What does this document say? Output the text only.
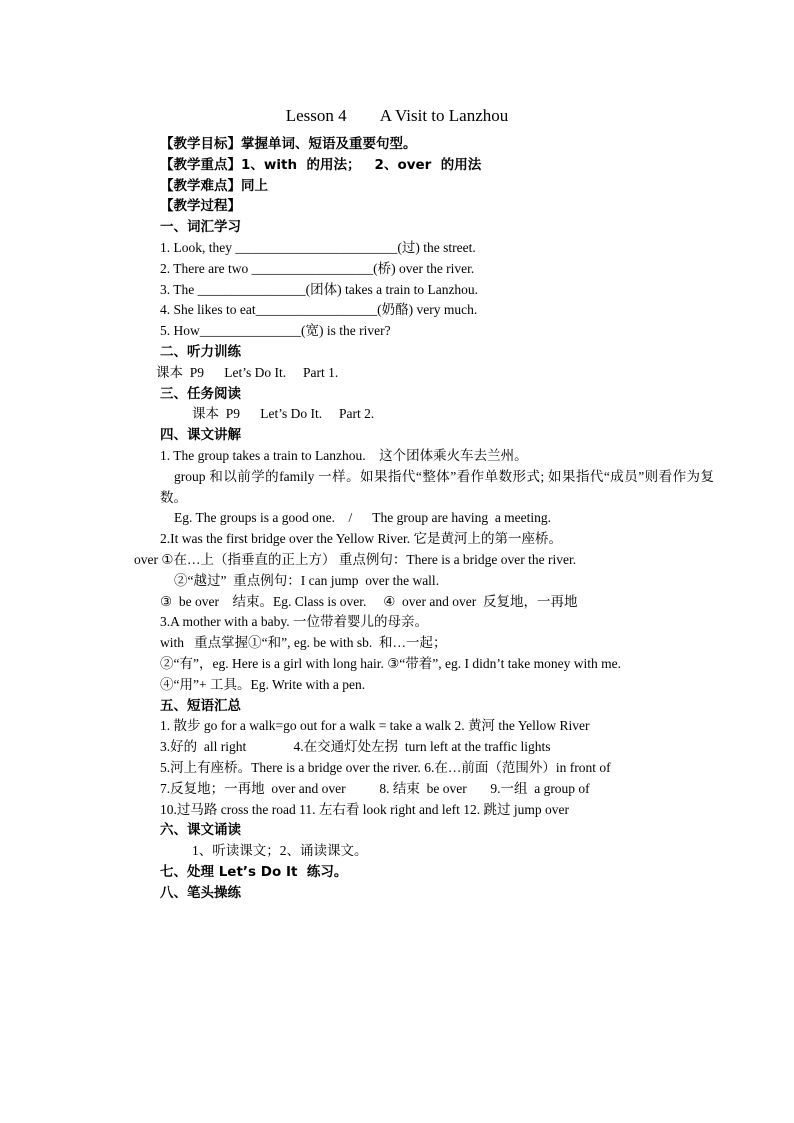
Lesson 4        A Visit to Lanzhou
【教学目标】掌握单词、短语及重要句型。
【教学重点】1、with  的用法；   2、over  的用法
【教学难点】同上
【教学过程】
一、词汇学习
1. Look, they ________________________(过) the street.
2. There are two __________________(桥) over the river.
3. The ________________(团体) takes a train to Lanzhou.
4. She likes to eat__________________(奶酪) very much.
5. How_______________(宽) is the river?
二、听力训练
课本  P9      Let’s Do It.     Part 1.
三、任务阅读
课本  P9      Let’s Do It.     Part 2.
四、课文讲解
1. The group takes a train to Lanzhou.    这个团体乘火车去兰州。
group 和以前学的family 一样。如果指代“整体”看作单数形式; 如果指代“成员”则看作为复数。
Eg. The groups is a good one.    /      The group are having  a meeting.
2.It was the first bridge over the Yellow River. 它是黄河上的第一座桥。
over ①在…上（指垂直的正上方） 重点例句：There is a bridge over the river.
②“越过”  重点例句：I can jump  over the wall.
③  be over    结束。Eg. Class is over.     ④  over and over  反复地，一再地
3.A mother with a baby. 一位带着婴儿的母亲。
with   重点掌握①“和”, eg. be with sb.  和…一起；
②“有”，eg. Here is a girl with long hair. ③“带着”, eg. I didn’t take money with me.
④“用”+ 工具。Eg. Write with a pen.
五、短语汇总
1. 散步 go for a walk=go out for a walk = take a walk 2. 黄河 the Yellow River
3.好的  all right              4.在交通灯处左拐  turn left at the traffic lights
5.河上有座桥。There is a bridge over the river. 6.在…前面（范围外）in front of
7.反复地；一再地  over and over          8. 结束  be over       9.一组  a group of
10.过马路 cross the road 11. 左右看 look right and left 12. 跳过 jump over
六、课文诵读
1、听读课文；2、诵读课文。
七、处理 Let’s Do It  练习。
八、笔头操练
